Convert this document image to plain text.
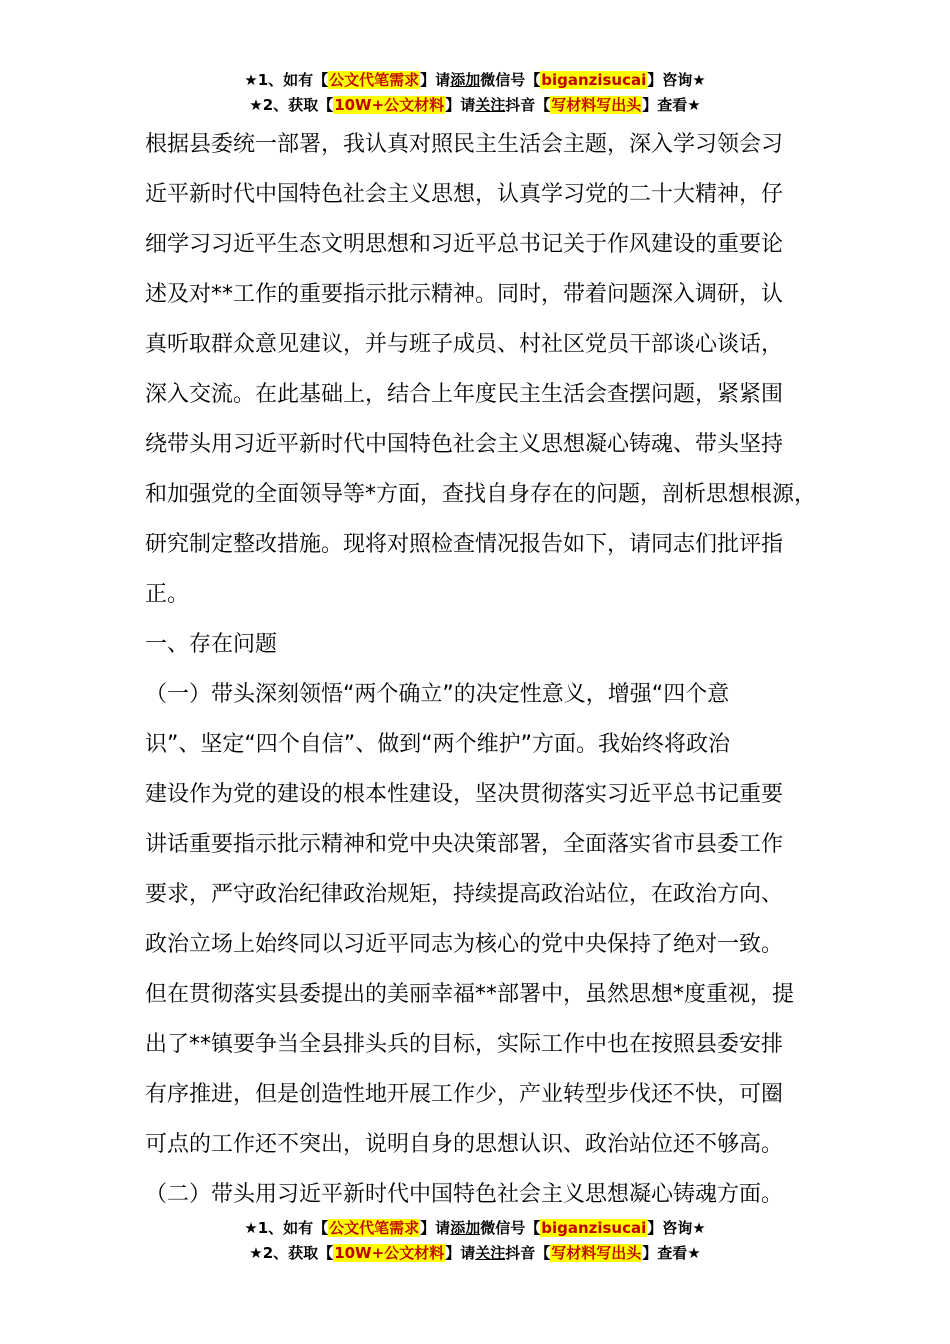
★1、如有【公文代笔需求】请添加微信号【biganzisucai】咨询★
★2、获取【10W+公文材料】请关注抖音【写材料写出头】查看★
根据县委统一部署，我认真对照民主生活会主题，深入学习领会习
近平新时代中国特色社会主义思想，认真学习党的二十大精神，仔
细学习习近平生态文明思想和习近平总书记关于作风建设的重要论
述及对**工作的重要指示批示精神。同时，带着问题深入调研，认
真听取群众意见建议，并与班子成员、村社区党员干部谈心谈话，
深入交流。在此基础上，结合上年度民主生活会查摆问题，紧紧围
绕带头用习近平新时代中国特色社会主义思想凝心铸魂、带头坚持
和加强党的全面领导等*方面，查找自身存在的问题，剖析思想根源，
研究制定整改措施。现将对照检查情况报告如下，请同志们批评指
正。
一、存在问题
（一）带头深刻领悟“两个确立”的决定性意义，增强“四个意
识”、坚定“四个自信”、做到“两个维护”方面。我始终将政治
建设作为党的建设的根本性建设，坚决贯彻落实习近平总书记重要
讲话重要指示批示精神和党中央决策部署，全面落实省市县委工作
要求，严守政治纪律政治规矩，持续提高政治站位，在政治方向、
政治立场上始终同以习近平同志为核心的党中央保持了绝对一致。
但在贯彻落实县委提出的美丽幸福**部署中，虽然思想*度重视，提
出了**镇要争当全县排头兵的目标，实际工作中也在按照县委安排
有序推进，但是创造性地开展工作少，产业转型步伐还不快，可圈
可点的工作还不突出，说明自身的思想认识、政治站位还不够高。
（二）带头用习近平新时代中国特色社会主义思想凝心铸魂方面。
★1、如有【公文代笔需求】请添加微信号【biganzisucai】咨询★
★2、获取【10W+公文材料】请关注抖音【写材料写出头】查看★
